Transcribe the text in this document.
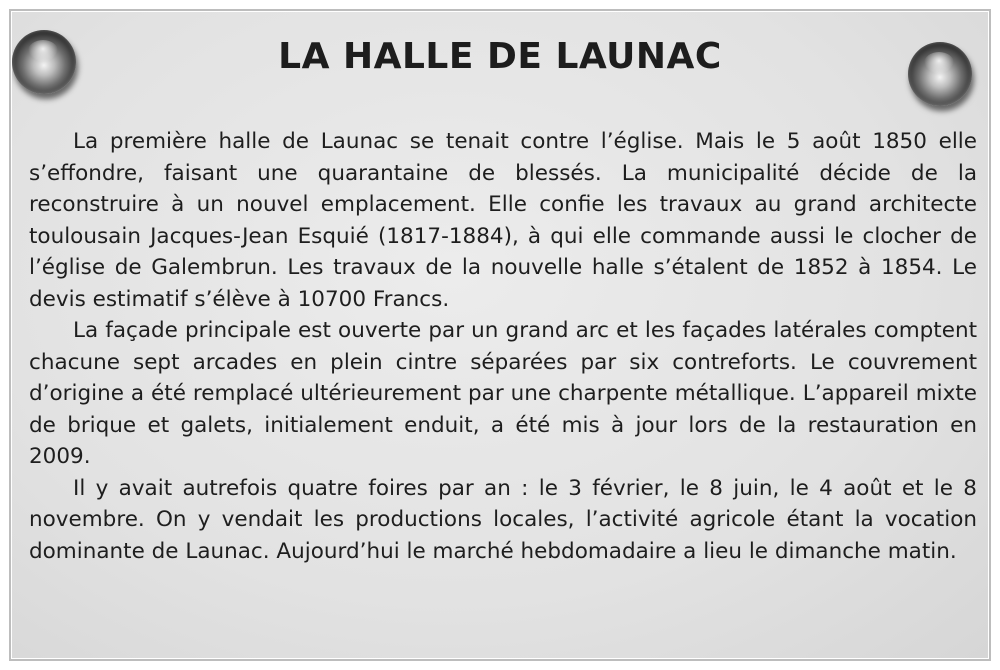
LA HALLE DE LAUNAC

La première halle de Launac se tenait contre l’église. Mais le 5 août 1850 elle s’effondre, faisant une quarantaine de blessés. La municipalité décide de la reconstruire à un nouvel emplacement. Elle confie les travaux au grand architecte toulousain Jacques-Jean Esquié (1817-1884), à qui elle commande aussi le clocher de l’église de Galembrun. Les travaux de la nouvelle halle s’étalent de 1852 à 1854. Le devis estimatif s’élève à 10700 Francs.

La façade principale est ouverte par un grand arc et les façades latérales comptent chacune sept arcades en plein cintre séparées par six contreforts. Le couvrement d’origine a été remplacé ultérieurement par une charpente métallique. L’appareil mixte de brique et galets, initialement enduit, a été mis à jour lors de la restauration en 2009.

Il y avait autrefois quatre foires par an : le 3 février, le 8 juin, le 4 août et le 8 novembre. On y vendait les productions locales, l’activité agricole étant la vocation dominante de Launac. Aujourd’hui le marché hebdomadaire a lieu le dimanche matin.
